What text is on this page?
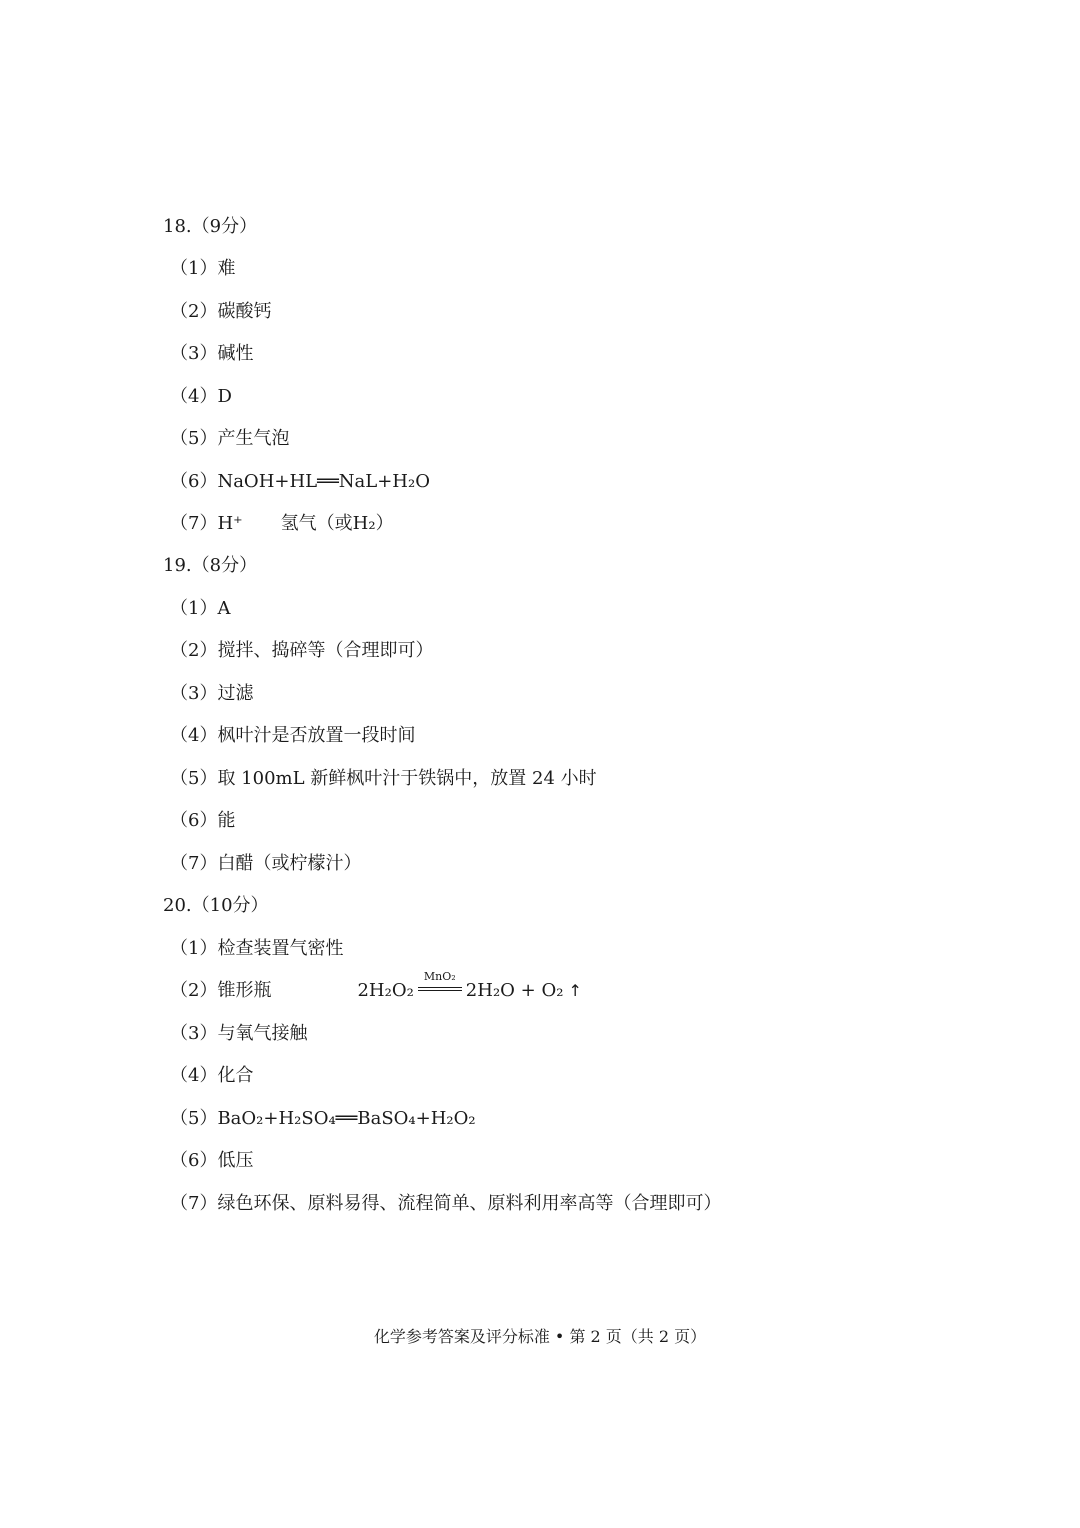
18.（9分）
（1）难
（2）碳酸钙
（3）碱性
（4）D
（5）产生气泡
（6）NaOH+HL══NaL+H₂O
（7）H⁺ 氢气（或H₂）
19.（8分）
（1）A
（2）搅拌、捣碎等（合理即可）
（3）过滤
（4）枫叶汁是否放置一段时间
（5）取 100mL 新鲜枫叶汁于铁锅中，放置 24 小时
（6）能
（7）白醋（或柠檬汁）
20.（10分）
（1）检查装置气密性
（2）锥形瓶	2H₂O₂
MnO₂
2H₂O + O₂ ↑
（3）与氧气接触
（4）化合
（5）BaO₂+H₂SO₄══BaSO₄+H₂O₂
（6）低压
（7）绿色环保、原料易得、流程简单、原料利用率高等（合理即可）
化学参考答案及评分标准 • 第 2 页（共 2 页）
